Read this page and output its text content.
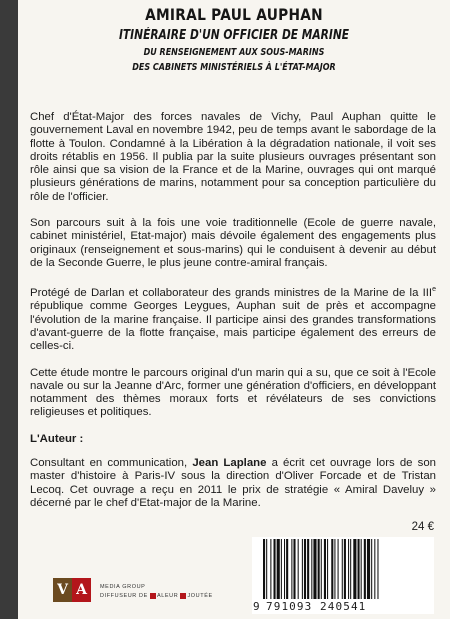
AMIRAL PAUL AUPHAN
ITINÉRAIRE D'UN OFFICIER DE MARINE
DU RENSEIGNEMENT AUX SOUS-MARINS
DES CABINETS MINISTÉRIELS À L'ÉTAT-MAJOR

Chef d'État-Major des forces navales de Vichy, Paul Auphan quitte le gouvernement Laval en novembre 1942, peu de temps avant le sabordage de la flotte à Toulon. Condamné à la Libération à la dégradation nationale, il voit ses droits rétablis en 1956. Il publia par la suite plusieurs ouvrages présentant son rôle ainsi que sa vision de la France et de la Marine, ouvrages qui ont marqué plusieurs générations de marins, notamment pour sa conception particulière du rôle de l'officier.

Son parcours suit à la fois une voie traditionnelle (Ecole de guerre navale, cabinet ministériel, Etat-major) mais dévoile également des engagements plus originaux (renseignement et sous-marins) qui le conduisent à devenir au début de la Seconde Guerre, le plus jeune contre-amiral français.

Protégé de Darlan et collaborateur des grands ministres de la Marine de la IIIe république comme Georges Leygues, Auphan suit de près et accompagne l'évolution de la marine française. Il participe ainsi des grandes transformations d'avant-guerre de la flotte française, mais participe également des erreurs de celles-ci.

Cette étude montre le parcours original d'un marin qui a su, que ce soit à l'Ecole navale ou sur la Jeanne d'Arc, former une génération d'officiers, en développant notamment des thèmes moraux forts et révélateurs de ses convictions religieuses et politiques.

L'Auteur :

Consultant en communication, Jean Laplane a écrit cet ouvrage lors de son master d'histoire à Paris-IV sous la direction d'Oliver Forcade et de Tristan Lecoq. Cet ouvrage a reçu en 2011 le prix de stratégie « Amiral Daveluy » décerné par le chef d'Etat-major de la Marine.

24 €
V A	MEDIA GROUP
DIFFUSEUR DE ALEUR JOUTÉE
9 791093 240541
